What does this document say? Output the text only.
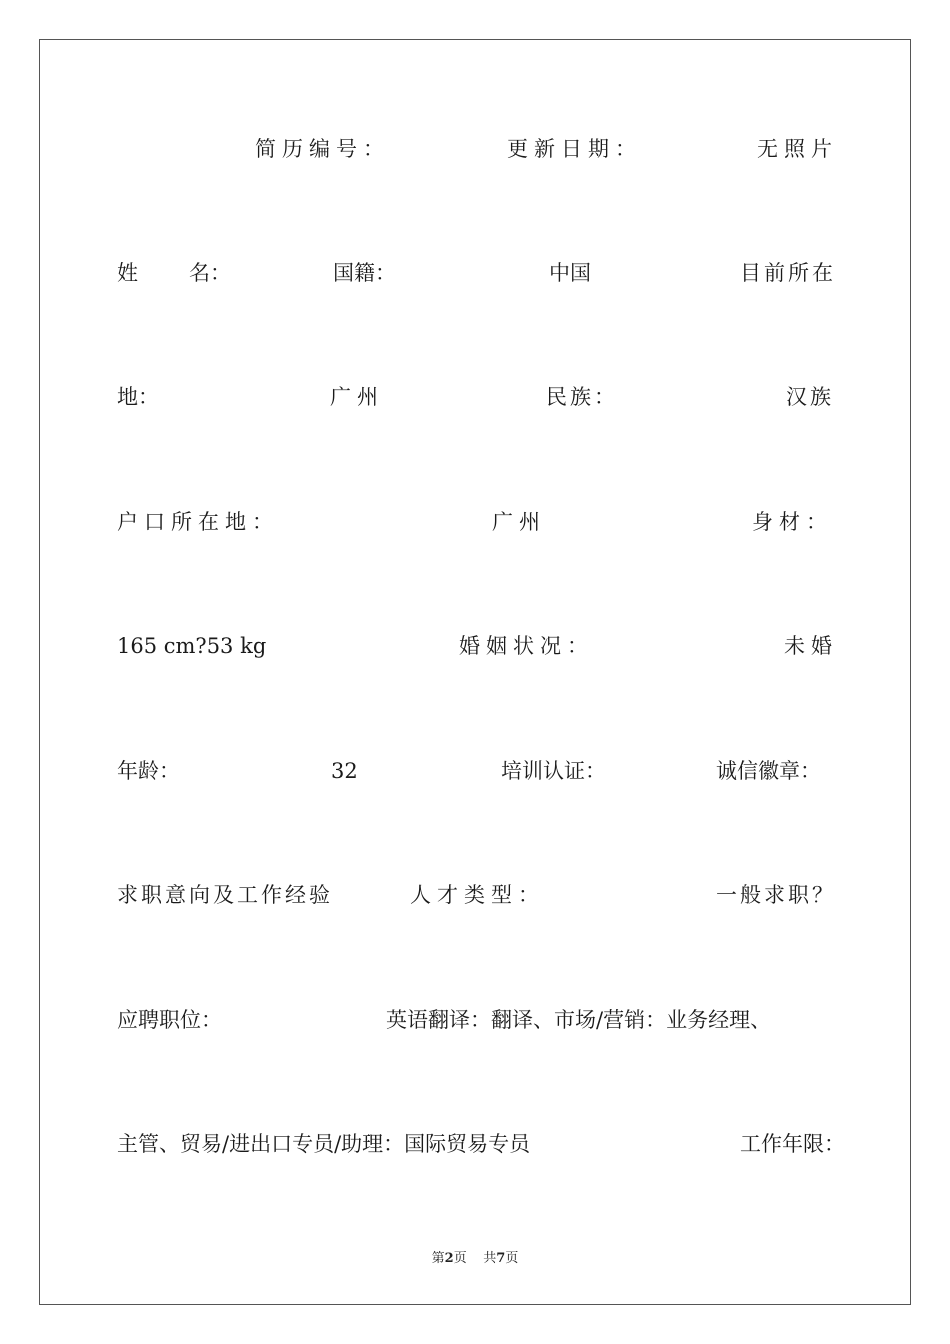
简历编号：	更新日期：	无照片
姓 名：	国籍：	中国	目前所在
地：	广州	民族：	汉族
户口所在地：	广州	身材：
165 cm?53 kg	婚姻状况：	未婚
年龄：	32	培训认证：	诚信徽章：
求职意向及工作经验	人才类型：	一般求职？
应聘职位：	英语翻译：翻译、市场/营销：业务经理、
主管、贸易/进出口专员/助理：国际贸易专员	工作年限：
第2页 共7页
